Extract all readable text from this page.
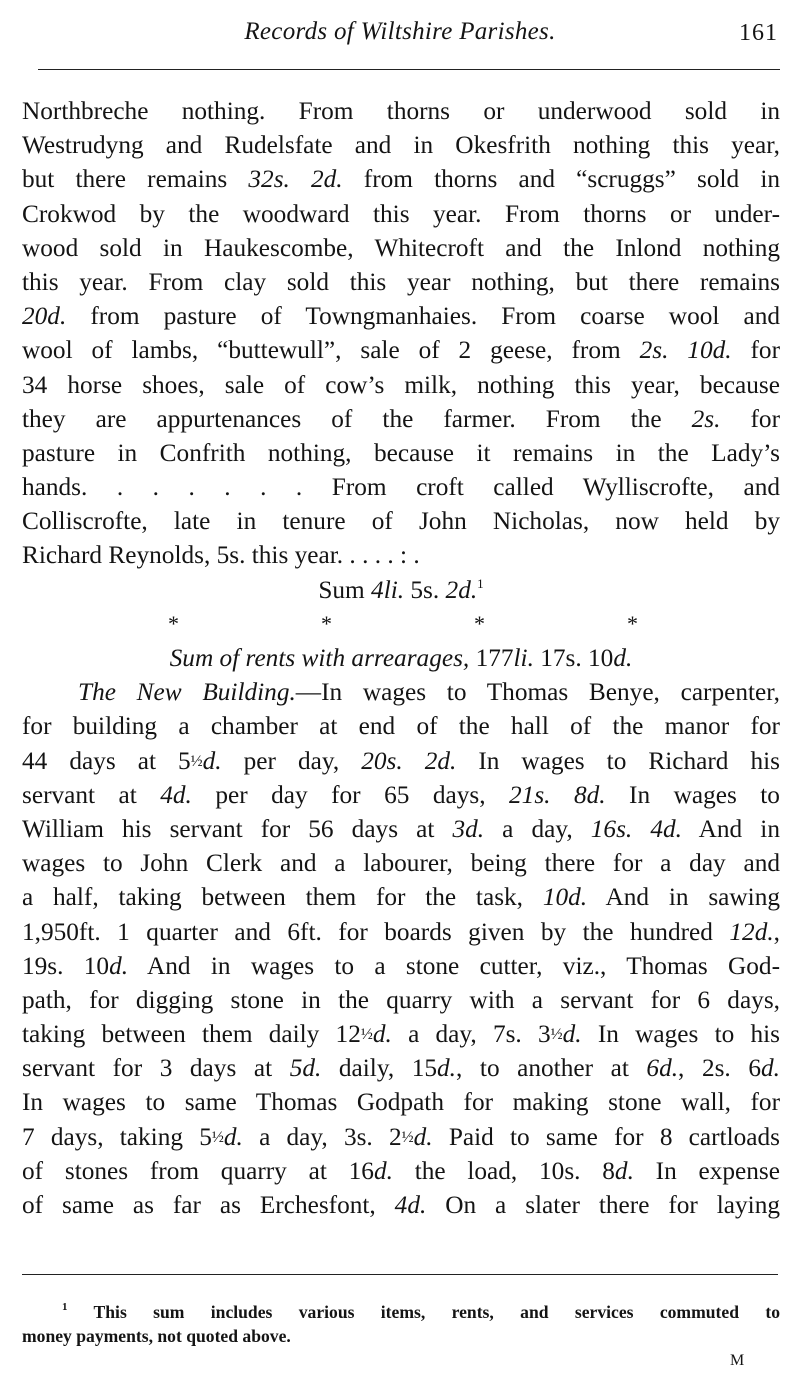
Records of Wiltshire Parishes.	161
Northbreche nothing. From thorns or underwood sold in
Westrudyng and Rudelsfate and in Okesfrith nothing this year,
but there remains 32s. 2d. from thorns and “scruggs” sold in
Crokwod by the woodward this year. From thorns or under-
wood sold in Haukescombe, Whitecroft and the Inlond nothing
this year. From clay sold this year nothing, but there remains
20d. from pasture of Towngmanhaies. From coarse wool and
wool of lambs, “buttewull”, sale of 2 geese, from 2s. 10d. for
34 horse shoes, sale of cow’s milk, nothing this year, because
they are appurtenances of the farmer. From the 2s. for
pasture in Confrith nothing, because it remains in the Lady’s
hands. . . . . . . From croft called Wylliscrofte, and
Colliscrofte, late in tenure of John Nicholas, now held by
Richard Reynolds, 5s. this year. . . . . : .
Sum 4li. 5s. 2d.$^1$
*	*	*	*
Sum of rents with arrearages, 177li. 17s. 10d.
The New Building.—In wages to Thomas Benye, carpenter,
for building a chamber at end of the hall of the manor for
44 days at 5½d. per day, 20s. 2d. In wages to Richard his
servant at 4d. per day for 65 days, 21s. 8d. In wages to
William his servant for 56 days at 3d. a day, 16s. 4d. And in
wages to John Clerk and a labourer, being there for a day and
a half, taking between them for the task, 10d. And in sawing
1,950ft. 1 quarter and 6ft. for boards given by the hundred 12d.,
19s. 10d. And in wages to a stone cutter, viz., Thomas God-
path, for digging stone in the quarry with a servant for 6 days,
taking between them daily 12½d. a day, 7s. 3½d. In wages to his
servant for 3 days at 5d. daily, 15d., to another at 6d., 2s. 6d.
In wages to same Thomas Godpath for making stone wall, for
7 days, taking 5½d. a day, 3s. 2½d. Paid to same for 8 cartloads
of stones from quarry at 16d. the load, 10s. 8d. In expense
of same as far as Erchesfont, 4d. On a slater there for laying
$^1$ This sum includes various items, rents, and services commuted to
money payments, not quoted above.
M
